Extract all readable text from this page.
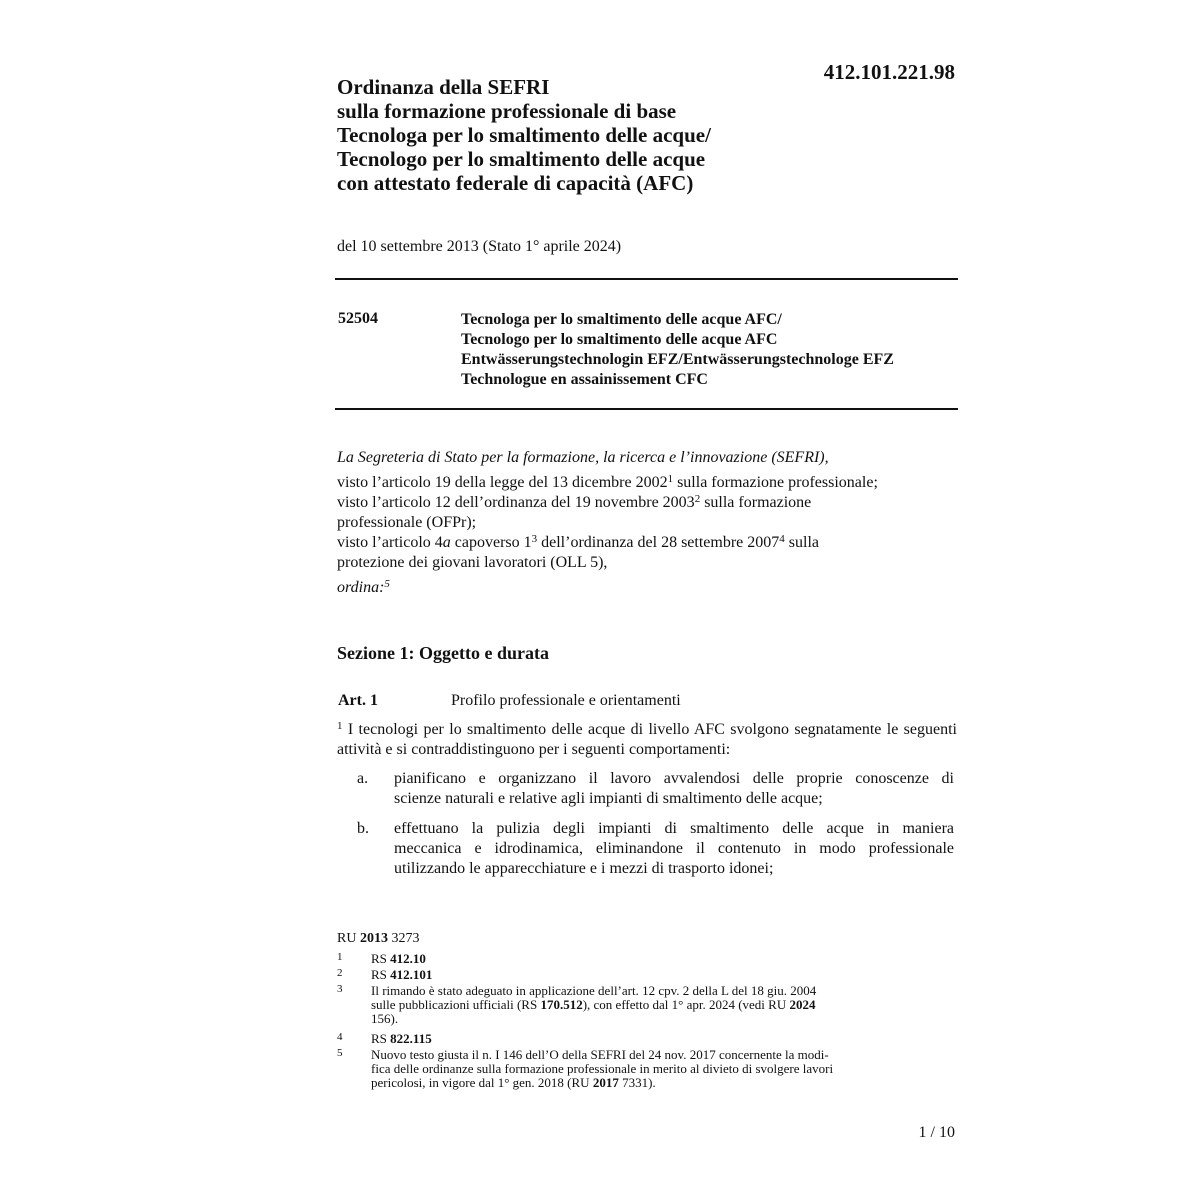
412.101.221.98
Ordinanza della SEFRI
sulla formazione professionale di base
Tecnologa per lo smaltimento delle acque/
Tecnologo per lo smaltimento delle acque
con attestato federale di capacità (AFC)
del 10 settembre 2013 (Stato 1° aprile 2024)
52504	Tecnologa per lo smaltimento delle acque AFC/
Tecnologo per lo smaltimento delle acque AFC
Entwässerungstechnologin EFZ/Entwässerungstechnologe EFZ
Technologue en assainissement CFC
La Segreteria di Stato per la formazione, la ricerca e l’innovazione (SEFRI),
visto l’articolo 19 della legge del 13 dicembre 2002$^1$ sulla formazione professionale;
visto l’articolo 12 dell’ordinanza del 19 novembre 2003$^2$ sulla formazione
professionale (OFPr);
visto l’articolo 4a capoverso $1^3$ dell’ordinanza del 28 settembre 2007$^4$ sulla
protezione dei giovani lavoratori (OLL 5),
ordina:$^5$
Sezione 1: Oggetto e durata
Art. 1	Profilo professionale e orientamenti
$^1$ I tecnologi per lo smaltimento delle acque di livello AFC svolgono segnatamente le seguenti attività e si contraddistinguono per i seguenti comportamenti:
a. pianificano e organizzano il lavoro avvalendosi delle proprie conoscenze di
scienze naturali e relative agli impianti di smaltimento delle acque;
b. effettuano la pulizia degli impianti di smaltimento delle acque in maniera
meccanica e idrodinamica, eliminandone il contenuto in modo professionale
utilizzando le apparecchiature e i mezzi di trasporto idonei;
RU 2013 3273
1 RS 412.10
2 RS 412.101
3 Il rimando è stato adeguato in applicazione dell’art. 12 cpv. 2 della L del 18 giu. 2004
sulle pubblicazioni ufficiali (RS 170.512), con effetto dal 1° apr. 2024 (vedi RU 2024
156).
4 RS 822.115
5 Nuovo testo giusta il n. I 146 dell’O della SEFRI del 24 nov. 2017 concernente la modi-
fica delle ordinanze sulla formazione professionale in merito al divieto di svolgere lavori
pericolosi, in vigore dal 1° gen. 2018 (RU 2017 7331).
1 / 10
